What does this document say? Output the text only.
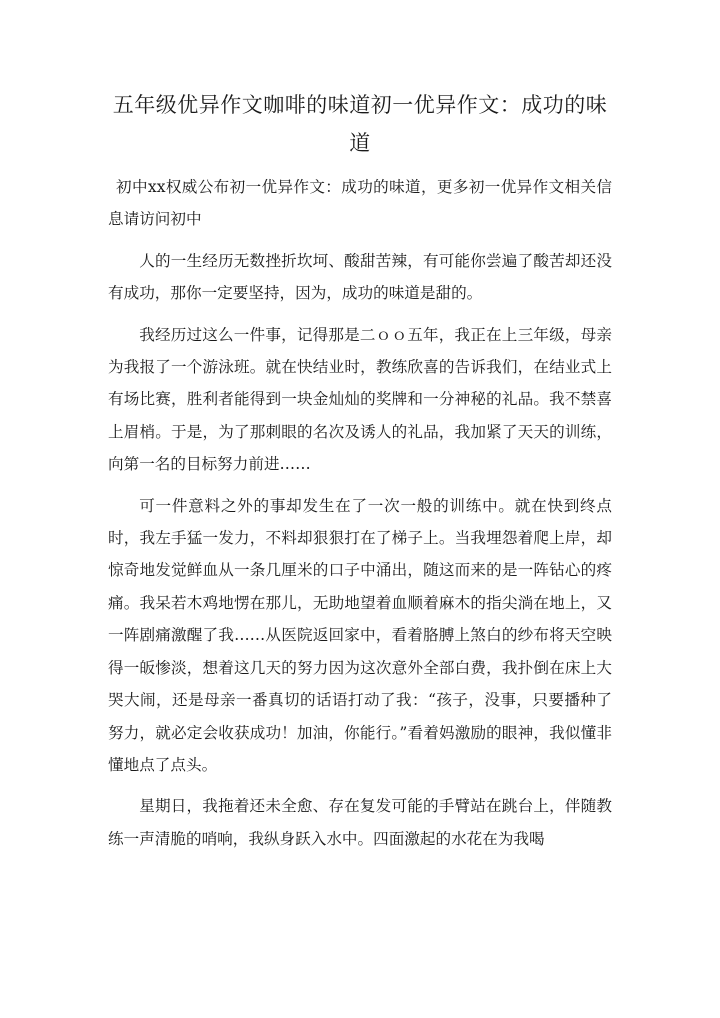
五年级优异作文咖啡的味道初一优异作文：成功的味道

初中xx权威公布初一优异作文：成功的味道，更多初一优异作文相关信息请访问初中

人的一生经历无数挫折坎坷、酸甜苦辣，有可能你尝遍了酸苦却还没有成功，那你一定要坚持，因为，成功的味道是甜的。

我经历过这么一件事，记得那是二ｏｏ五年，我正在上三年级，母亲为我报了一个游泳班。就在快结业时，教练欣喜的告诉我们，在结业式上有场比赛，胜利者能得到一块金灿灿的奖牌和一分神秘的礼品。我不禁喜上眉梢。于是，为了那刺眼的名次及诱人的礼品，我加紧了天天的训练，向第一名的目标努力前进……

可一件意料之外的事却发生在了一次一般的训练中。就在快到终点时，我左手猛一发力，不料却狠狠打在了梯子上。当我埋怨着爬上岸，却惊奇地发觉鲜血从一条几厘米的口子中涌出，随这而来的是一阵钻心的疼痛。我呆若木鸡地愣在那儿，无助地望着血顺着麻木的指尖淌在地上，又一阵剧痛激醒了我……从医院返回家中，看着胳膊上煞白的纱布将天空映得一皈惨淡，想着这几天的努力因为这次意外全部白费，我扑倒在床上大哭大闹，还是母亲一番真切的话语打动了我：“孩子，没事，只要播种了努力，就必定会收获成功！加油，你能行。”看着妈激励的眼神，我似懂非懂地点了点头。

星期日，我拖着还未全愈、存在复发可能的手臂站在跳台上，伴随教练一声清脆的哨响，我纵身跃入水中。四面激起的水花在为我喝
